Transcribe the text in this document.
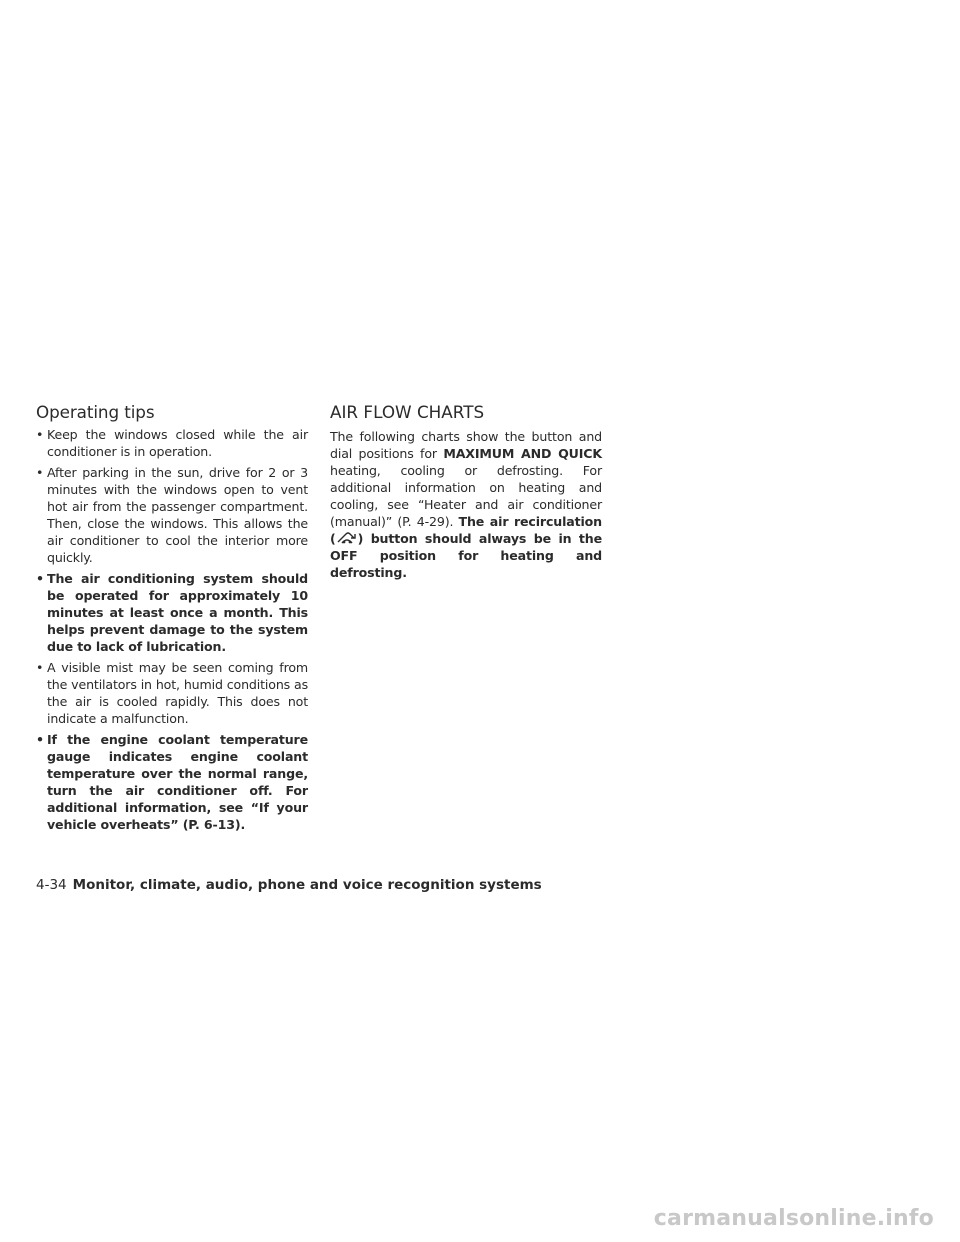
Operating tips
• Keep the windows closed while the air conditioner is in operation.
• After parking in the sun, drive for 2 or 3 minutes with the windows open to vent hot air from the passenger compartment. Then, close the windows. This allows the air conditioner to cool the interior more quickly.
• The air conditioning system should be operated for approximately 10 minutes at least once a month. This helps prevent damage to the system due to lack of lubrication.
• A visible mist may be seen coming from the ventilators in hot, humid conditions as the air is cooled rapidly. This does not indicate a malfunction.
• If the engine coolant temperature gauge indicates engine coolant temperature over the normal range, turn the air conditioner off. For additional information, see “If your vehicle overheats” (P. 6-13).
AIR FLOW CHARTS

The following charts show the button and dial positions for MAXIMUM AND QUICK heating, cooling or defrosting. For additional information on heating and cooling, see “Heater and air conditioner (manual)” (P. 4-29). The air recirculation ( ) button should always be in the OFF position for heating and defrosting.

4-34 Monitor, climate, audio, phone and voice recognition systems
carmanualsonline.info
